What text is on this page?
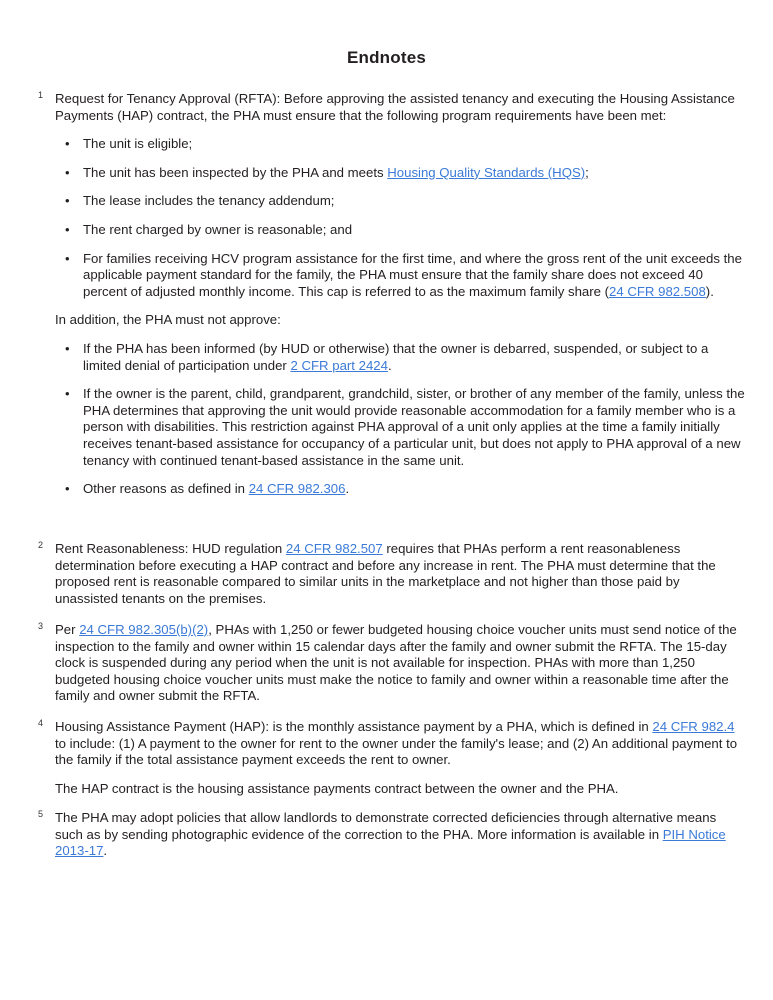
Endnotes
1 Request for Tenancy Approval (RFTA): Before approving the assisted tenancy and executing the Housing Assistance Payments (HAP) contract, the PHA must ensure that the following program requirements have been met:

• The unit is eligible;
• The unit has been inspected by the PHA and meets Housing Quality Standards (HQS);
• The lease includes the tenancy addendum;
• The rent charged by owner is reasonable; and
• For families receiving HCV program assistance for the first time, and where the gross rent of the unit exceeds the applicable payment standard for the family, the PHA must ensure that the family share does not exceed 40 percent of adjusted monthly income. This cap is referred to as the maximum family share (24 CFR 982.508).

In addition, the PHA must not approve:

• If the PHA has been informed (by HUD or otherwise) that the owner is debarred, suspended, or subject to a limited denial of participation under 2 CFR part 2424.
• If the owner is the parent, child, grandparent, grandchild, sister, or brother of any member of the family, unless the PHA determines that approving the unit would provide reasonable accommodation for a family member who is a person with disabilities. This restriction against PHA approval of a unit only applies at the time a family initially receives tenant-based assistance for occupancy of a particular unit, but does not apply to PHA approval of a new tenancy with continued tenant-based assistance in the same unit.
• Other reasons as defined in 24 CFR 982.306.
2 Rent Reasonableness: HUD regulation 24 CFR 982.507 requires that PHAs perform a rent reasonableness determination before executing a HAP contract and before any increase in rent. The PHA must determine that the proposed rent is reasonable compared to similar units in the marketplace and not higher than those paid by unassisted tenants on the premises.

3 Per 24 CFR 982.305(b)(2), PHAs with 1,250 or fewer budgeted housing choice voucher units must send notice of the inspection to the family and owner within 15 calendar days after the family and owner submit the RFTA. The 15-day clock is suspended during any period when the unit is not available for inspection. PHAs with more than 1,250 budgeted housing choice voucher units must make the notice to family and owner within a reasonable time after the family and owner submit the RFTA.

4 Housing Assistance Payment (HAP): is the monthly assistance payment by a PHA, which is defined in 24 CFR 982.4 to include: (1) A payment to the owner for rent to the owner under the family's lease; and (2) An additional payment to the family if the total assistance payment exceeds the rent to owner.

The HAP contract is the housing assistance payments contract between the owner and the PHA.

5 The PHA may adopt policies that allow landlords to demonstrate corrected deficiencies through alternative means such as by sending photographic evidence of the correction to the PHA. More information is available in PIH Notice 2013-17.
